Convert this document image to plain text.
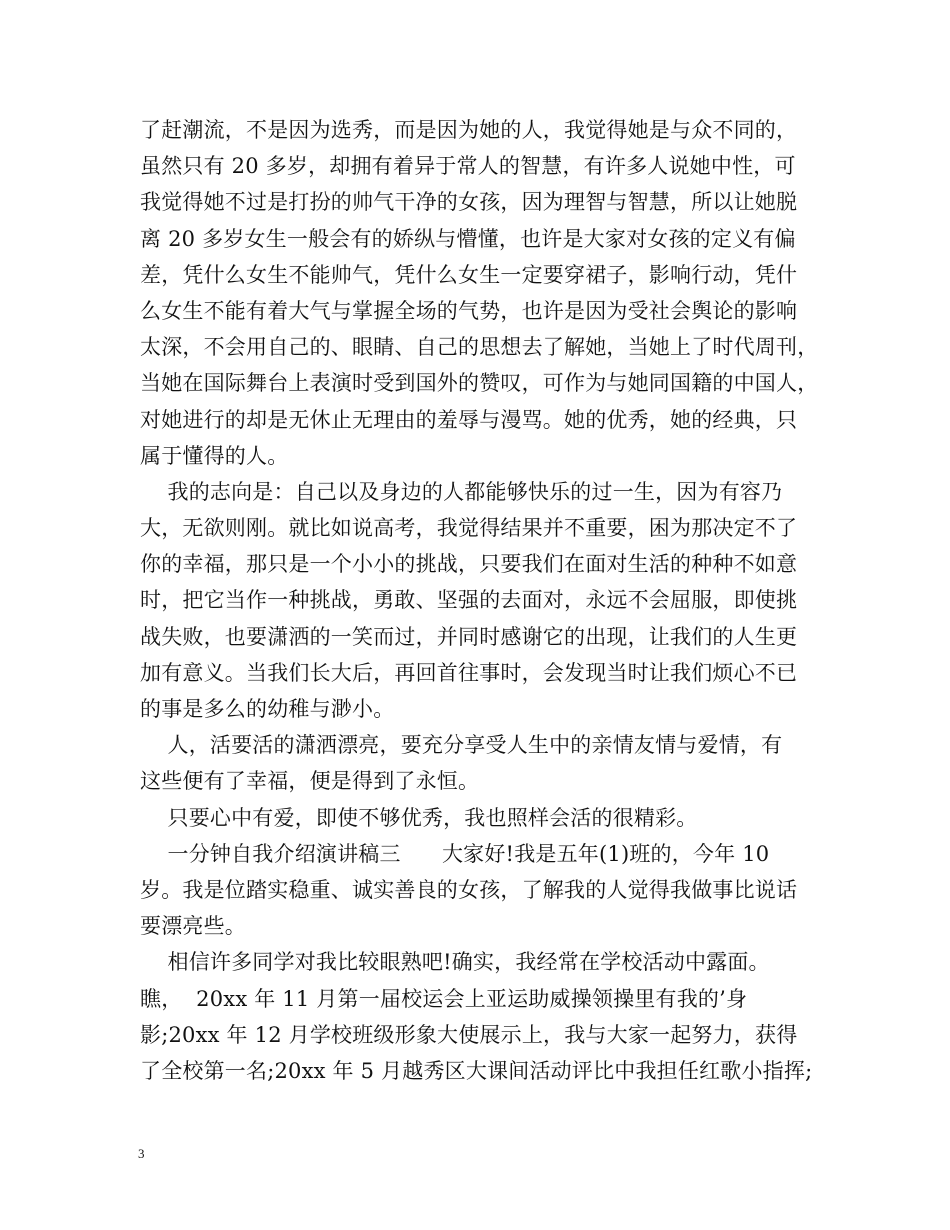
了赶潮流，不是因为选秀，而是因为她的人，我觉得她是与众不同的，
虽然只有 20 多岁，却拥有着异于常人的智慧，有许多人说她中性，可
我觉得她不过是打扮的帅气干净的女孩，因为理智与智慧，所以让她脱
离 20 多岁女生一般会有的娇纵与懵懂，也许是大家对女孩的定义有偏
差，凭什么女生不能帅气，凭什么女生一定要穿裙子，影响行动，凭什
么女生不能有着大气与掌握全场的气势，也许是因为受社会舆论的影响
太深，不会用自己的、眼睛、自己的思想去了解她，当她上了时代周刊，
当她在国际舞台上表演时受到国外的赞叹，可作为与她同国籍的中国人，
对她进行的却是无休止无理由的羞辱与漫骂。她的优秀，她的经典，只
属于懂得的人。
我的志向是：自己以及身边的人都能够快乐的过一生，因为有容乃
大，无欲则刚。就比如说高考，我觉得结果并不重要，困为那决定不了
你的幸福，那只是一个小小的挑战，只要我们在面对生活的种种不如意
时，把它当作一种挑战，勇敢、坚强的去面对，永远不会屈服，即使挑
战失败，也要潇洒的一笑而过，并同时感谢它的出现，让我们的人生更
加有意义。当我们长大后，再回首往事时，会发现当时让我们烦心不已
的事是多么的幼稚与渺小。
人，活要活的潇洒漂亮，要充分享受人生中的亲情友情与爱情，有
这些便有了幸福，便是得到了永恒。
只要心中有爱，即使不够优秀，我也照样会活的很精彩。
一分钟自我介绍演讲稿三      大家好!我是五年(1)班的，今年 10
岁。我是位踏实稳重、诚实善良的女孩，了解我的人觉得我做事比说话
要漂亮些。
相信许多同学对我比较眼熟吧!确实，我经常在学校活动中露面。
瞧，  20xx 年 11 月第一届校运会上亚运助威操领操里有我的’身
影;20xx 年 12 月学校班级形象大使展示上，我与大家一起努力，获得
了全校第一名;20xx 年 5 月越秀区大课间活动评比中我担任红歌小指挥;
3
